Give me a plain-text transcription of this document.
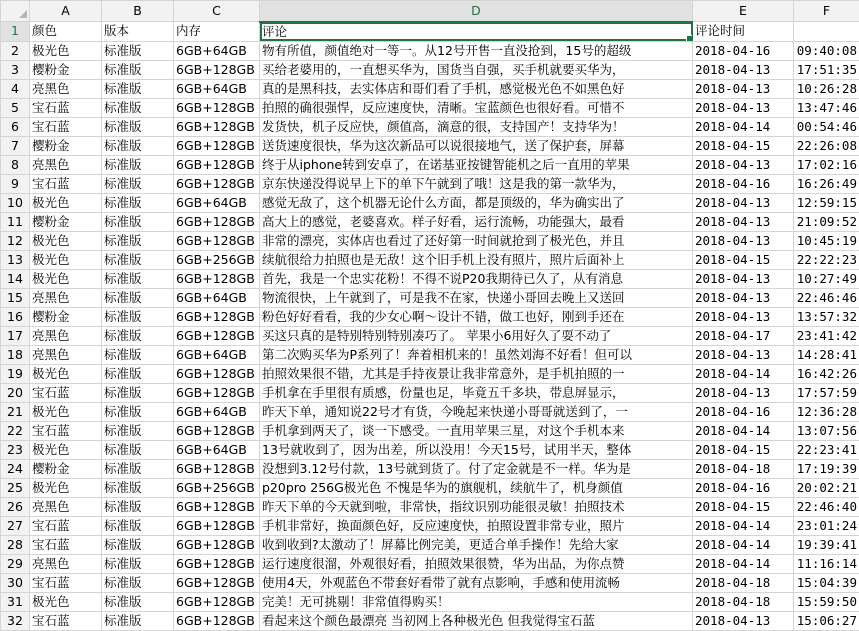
	A	B	C	D	E	F
1	颜色	版本	内存	评论	评论时间	
2	极光色	标准版	6GB+64GB	物有所值，颜值绝对一等一。从12号开售一直没抢到，15号的超级	2018-04-16	09:40:08
3	樱粉金	标准版	6GB+128GB	买给老婆用的，一直想买华为，国货当自强，买手机就要买华为，	2018-04-13	17:51:35
4	亮黑色	标准版	6GB+64GB	真的是黑科技，去实体店和哥们看了手机，感觉极光色不如黑色好	2018-04-13	10:26:28
5	宝石蓝	标准版	6GB+128GB	拍照的确很强悍，反应速度快，清晰。宝蓝颜色也很好看。可惜不	2018-04-13	13:47:46
6	宝石蓝	标准版	6GB+128GB	发货快，机子反应快，颜值高，滴意的很，支持国产！支持华为！	2018-04-14	00:54:46
7	樱粉金	标准版	6GB+128GB	送货速度很快，华为这次新品可以说很接地气，送了保护套，屏幕	2018-04-15	22:26:08
8	亮黑色	标准版	6GB+128GB	终于从iphone转到安卓了，在诺基亚按键智能机之后一直用的苹果	2018-04-13	17:02:16
9	宝石蓝	标准版	6GB+128GB	京东快递没得说早上下的单下午就到了哦！这是我的第一款华为，	2018-04-16	16:26:49
10	极光色	标准版	6GB+64GB	感觉无敌了，这个机器无论什么方面，都是顶级的，华为确实出了	2018-04-13	12:59:15
11	樱粉金	标准版	6GB+128GB	高大上的感觉，老婆喜欢。样子好看，运行流畅，功能强大，最看	2018-04-13	21:09:52
12	极光色	标准版	6GB+128GB	非常的漂亮，实体店也看过了还好第一时间就抢到了极光色，并且	2018-04-13	10:45:19
13	极光色	标准版	6GB+256GB	续航很给力拍照也是无敌！这个旧手机上没有照片，照片后面补上	2018-04-15	22:22:23
14	极光色	标准版	6GB+128GB	首先，我是一个忠实花粉！不得不说P20我期待已久了，从有消息	2018-04-13	10:27:49
15	亮黑色	标准版	6GB+64GB	物流很快，上午就到了，可是我不在家，快递小哥回去晚上又送回	2018-04-13	22:46:46
16	樱粉金	标准版	6GB+128GB	粉色好好看看，我的少女心啊～设计不错，做工也好，刚到手还在	2018-04-13	13:57:32
17	亮黑色	标准版	6GB+128GB	买这只真的是特别特别特别凑巧了。 苹果小6用好久了耍不动了	2018-04-17	23:41:42
18	亮黑色	标准版	6GB+64GB	第二次购买华为P系列了！奔着相机来的！虽然刘海不好看！但可以	2018-04-13	14:28:41
19	极光色	标准版	6GB+128GB	拍照效果很不错，尤其是手持夜景让我非常意外，是手机拍照的一	2018-04-14	16:42:26
20	宝石蓝	标准版	6GB+128GB	手机拿在手里很有质感，份量也足，毕竟五千多块，带息屏显示，	2018-04-13	17:57:59
21	极光色	标准版	6GB+64GB	昨天下单，通知说22号才有货，今晚起来快递小哥哥就送到了，一	2018-04-16	12:36:28
22	宝石蓝	标准版	6GB+128GB	手机拿到两天了，谈一下感受。一直用苹果三星，对这个手机本来	2018-04-14	13:07:56
23	极光色	标准版	6GB+64GB	13号就收到了，因为出差，所以没用！今天15号，试用半天，整体	2018-04-15	22:23:41
24	樱粉金	标准版	6GB+128GB	没想到3.12号付款，13号就到货了。付了定金就是不一样。华为是	2018-04-18	17:19:39
25	极光色	标准版	6GB+256GB	p20pro 256G极光色 不愧是华为的旗舰机，续航牛了，机身颜值	2018-04-16	20:02:21
26	亮黑色	标准版	6GB+128GB	昨天下单的今天就到啦，非常快，指纹识别功能很灵敏！拍照技术	2018-04-15	22:46:40
27	宝石蓝	标准版	6GB+128GB	手机非常好，换面颜色好，反应速度快，拍照设置非常专业，照片	2018-04-14	23:01:24
28	宝石蓝	标准版	6GB+128GB	收到收到?太激动了！屏幕比例完美，更适合单手操作！先给大家	2018-04-14	19:39:41
29	亮黑色	标准版	6GB+128GB	运行速度很溜，外观很好看，拍照效果很赞，华为出品，为你点赞	2018-04-14	11:16:14
30	宝石蓝	标准版	6GB+128GB	使用4天，外观蓝色不带套好看带了就有点影响，手感和使用流畅	2018-04-18	15:04:39
31	极光色	标准版	6GB+128GB	完美！无可挑剔！非常值得购买！	2018-04-18	15:59:50
32	宝石蓝	标准版	6GB+128GB	看起来这个颜色最漂亮 当初网上各种极光色 但我觉得宝石蓝	2018-04-13	15:06:27
